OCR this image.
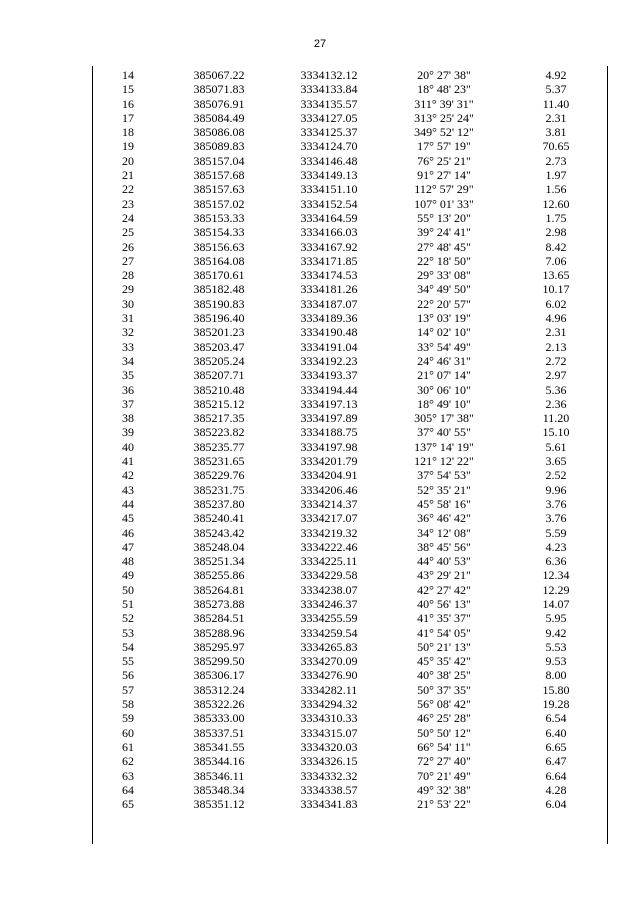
27
14	385067.22	3334132.12	20° 27' 38"	4.92
15	385071.83	3334133.84	18° 48' 23"	5.37
16	385076.91	3334135.57	311° 39' 31"	11.40
17	385084.49	3334127.05	313° 25' 24"	2.31
18	385086.08	3334125.37	349° 52' 12"	3.81
19	385089.83	3334124.70	17° 57' 19"	70.65
20	385157.04	3334146.48	76° 25' 21"	2.73
21	385157.68	3334149.13	91° 27' 14"	1.97
22	385157.63	3334151.10	112° 57' 29"	1.56
23	385157.02	3334152.54	107° 01' 33"	12.60
24	385153.33	3334164.59	55° 13' 20"	1.75
25	385154.33	3334166.03	39° 24' 41"	2.98
26	385156.63	3334167.92	27° 48' 45"	8.42
27	385164.08	3334171.85	22° 18' 50"	7.06
28	385170.61	3334174.53	29° 33' 08"	13.65
29	385182.48	3334181.26	34° 49' 50"	10.17
30	385190.83	3334187.07	22° 20' 57"	6.02
31	385196.40	3334189.36	13° 03' 19"	4.96
32	385201.23	3334190.48	14° 02' 10"	2.31
33	385203.47	3334191.04	33° 54' 49"	2.13
34	385205.24	3334192.23	24° 46' 31"	2.72
35	385207.71	3334193.37	21° 07' 14"	2.97
36	385210.48	3334194.44	30° 06' 10"	5.36
37	385215.12	3334197.13	18° 49' 10"	2.36
38	385217.35	3334197.89	305° 17' 38"	11.20
39	385223.82	3334188.75	37° 40' 55"	15.10
40	385235.77	3334197.98	137° 14' 19"	5.61
41	385231.65	3334201.79	121° 12' 22"	3.65
42	385229.76	3334204.91	37° 54' 53"	2.52
43	385231.75	3334206.46	52° 35' 21"	9.96
44	385237.80	3334214.37	45° 58' 16"	3.76
45	385240.41	3334217.07	36° 46' 42"	3.76
46	385243.42	3334219.32	34° 12' 08"	5.59
47	385248.04	3334222.46	38° 45' 56"	4.23
48	385251.34	3334225.11	44° 40' 53"	6.36
49	385255.86	3334229.58	43° 29' 21"	12.34
50	385264.81	3334238.07	42° 27' 42"	12.29
51	385273.88	3334246.37	40° 56' 13"	14.07
52	385284.51	3334255.59	41° 35' 37"	5.95
53	385288.96	3334259.54	41° 54' 05"	9.42
54	385295.97	3334265.83	50° 21' 13"	5.53
55	385299.50	3334270.09	45° 35' 42"	9.53
56	385306.17	3334276.90	40° 38' 25"	8.00
57	385312.24	3334282.11	50° 37' 35"	15.80
58	385322.26	3334294.32	56° 08' 42"	19.28
59	385333.00	3334310.33	46° 25' 28"	6.54
60	385337.51	3334315.07	50° 50' 12"	6.40
61	385341.55	3334320.03	66° 54' 11"	6.65
62	385344.16	3334326.15	72° 27' 40"	6.47
63	385346.11	3334332.32	70° 21' 49"	6.64
64	385348.34	3334338.57	49° 32' 38"	4.28
65	385351.12	3334341.83	21° 53' 22"	6.04
